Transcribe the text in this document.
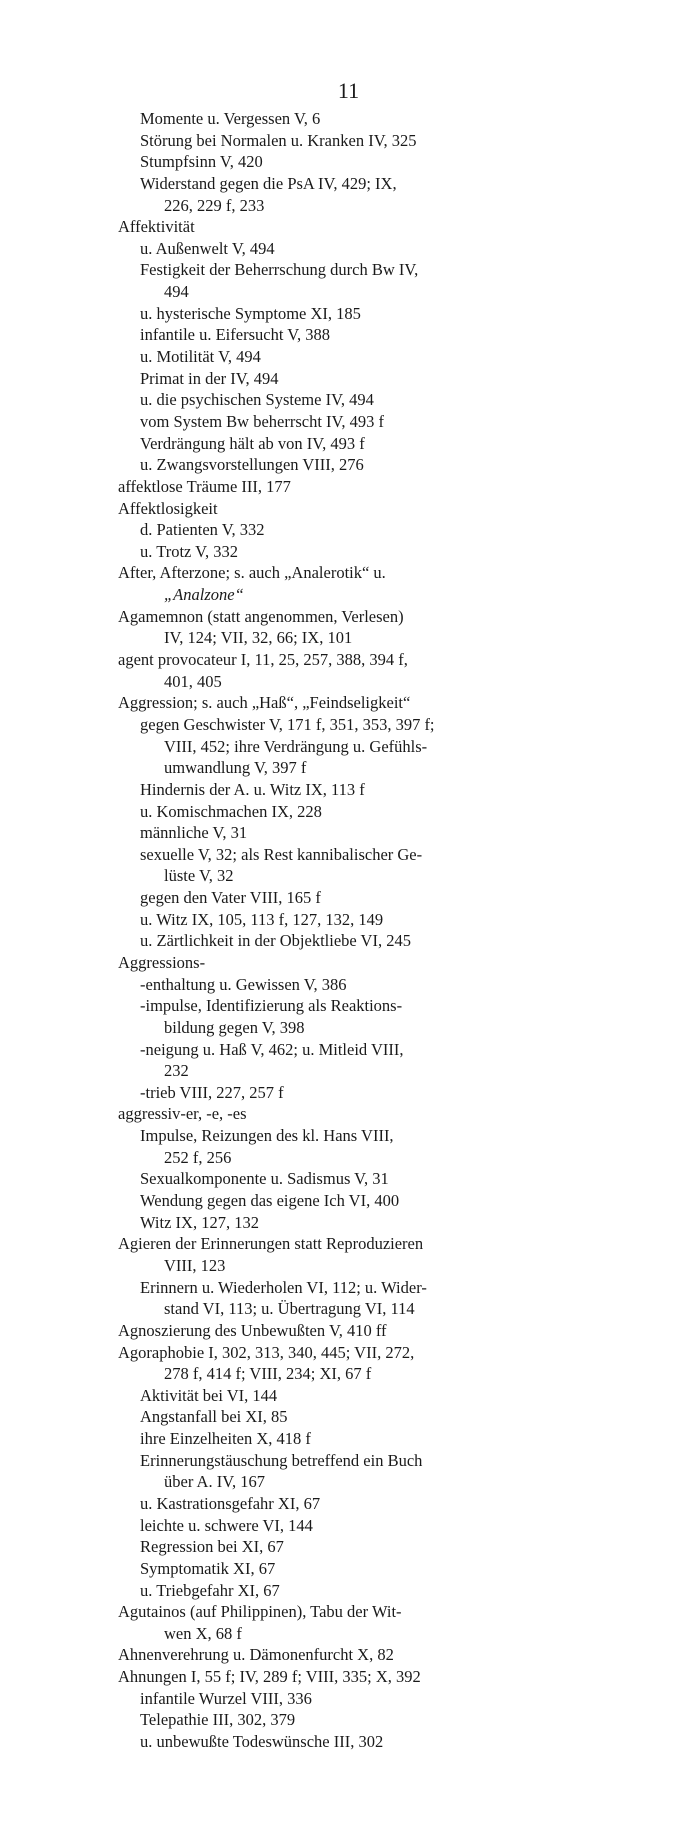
11
Momente u. Vergessen V, 6
Störung bei Normalen u. Kranken IV, 325
Stumpfsinn V, 420
Widerstand gegen die PsA IV, 429; IX,
226, 229 f, 233
Affektivität
u. Außenwelt V, 494
Festigkeit der Beherrschung durch Bw IV,
494
u. hysterische Symptome XI, 185
infantile u. Eifersucht V, 388
u. Motilität V, 494
Primat in der IV, 494
u. die psychischen Systeme IV, 494
vom System Bw beherrscht IV, 493 f
Verdrängung hält ab von IV, 493 f
u. Zwangsvorstellungen VIII, 276
affektlose Träume III, 177
Affektlosigkeit
d. Patienten V, 332
u. Trotz V, 332
After, Afterzone; s. auch „Analerotik“ u.
„Analzone“
Agamemnon (statt angenommen, Verlesen)
IV, 124; VII, 32, 66; IX, 101
agent provocateur I, 11, 25, 257, 388, 394 f,
401, 405
Aggression; s. auch „Haß“, „Feindseligkeit“
gegen Geschwister V, 171 f, 351, 353, 397 f;
VIII, 452; ihre Verdrängung u. Gefühls-
umwandlung V, 397 f
Hindernis der A. u. Witz IX, 113 f
u. Komischmachen IX, 228
männliche V, 31
sexuelle V, 32; als Rest kannibalischer Ge-
lüste V, 32
gegen den Vater VIII, 165 f
u. Witz IX, 105, 113 f, 127, 132, 149
u. Zärtlichkeit in der Objektliebe VI, 245
Aggressions-
-enthaltung u. Gewissen V, 386
-impulse, Identifizierung als Reaktions-
bildung gegen V, 398
-neigung u. Haß V, 462; u. Mitleid VIII,
232
-trieb VIII, 227, 257 f
aggressiv-er, -e, -es
Impulse, Reizungen des kl. Hans VIII,
252 f, 256
Sexualkomponente u. Sadismus V, 31
Wendung gegen das eigene Ich VI, 400
Witz IX, 127, 132
Agieren der Erinnerungen statt Reproduzieren
VIII, 123
Erinnern u. Wiederholen VI, 112; u. Wider-
stand VI, 113; u. Übertragung VI, 114
Agnoszierung des Unbewußten V, 410 ff
Agoraphobie I, 302, 313, 340, 445; VII, 272,
278 f, 414 f; VIII, 234; XI, 67 f
Aktivität bei VI, 144
Angstanfall bei XI, 85
ihre Einzelheiten X, 418 f
Erinnerungstäuschung betreffend ein Buch
über A. IV, 167
u. Kastrationsgefahr XI, 67
leichte u. schwere VI, 144
Regression bei XI, 67
Symptomatik XI, 67
u. Triebgefahr XI, 67
Agutainos (auf Philippinen), Tabu der Wit-
wen X, 68 f
Ahnenverehrung u. Dämonenfurcht X, 82
Ahnungen I, 55 f; IV, 289 f; VIII, 335; X, 392
infantile Wurzel VIII, 336
Telepathie III, 302, 379
u. unbewußte Todeswünsche III, 302
